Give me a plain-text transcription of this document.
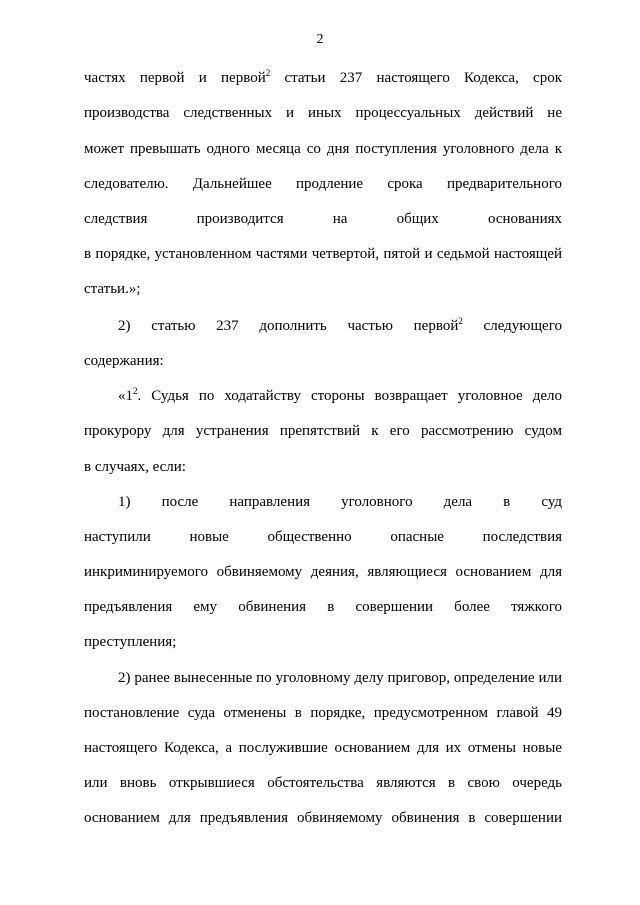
2
частях первой и первой$^2$ статьи 237 настоящего Кодекса, срок
производства следственных и иных процессуальных действий не
может превышать одного месяца со дня поступления уголовного дела к
следователю. Дальнейшее продление срока предварительного
следствия производится на общих основаниях
в порядке, установленном частями четвертой, пятой и седьмой настоящей
статьи.»;
2) статью 237 дополнить частью первой$^2$ следующего
содержания:
«$1^2$. Судья по ходатайству стороны возвращает уголовное дело
прокурору для устранения препятствий к его рассмотрению судом
в случаях, если:
1) после направления уголовного дела в суд
наступили новые общественно опасные последствия
инкриминируемого обвиняемому деяния, являющиеся основанием для
предъявления ему обвинения в совершении более тяжкого
преступления;
2) ранее вынесенные по уголовному делу приговор, определение или
постановление суда отменены в порядке, предусмотренном главой 49
настоящего Кодекса, а послужившие основанием для их отмены новые
или вновь открывшиеся обстоятельства являются в свою очередь
основанием для предъявления обвиняемому обвинения в совершении
